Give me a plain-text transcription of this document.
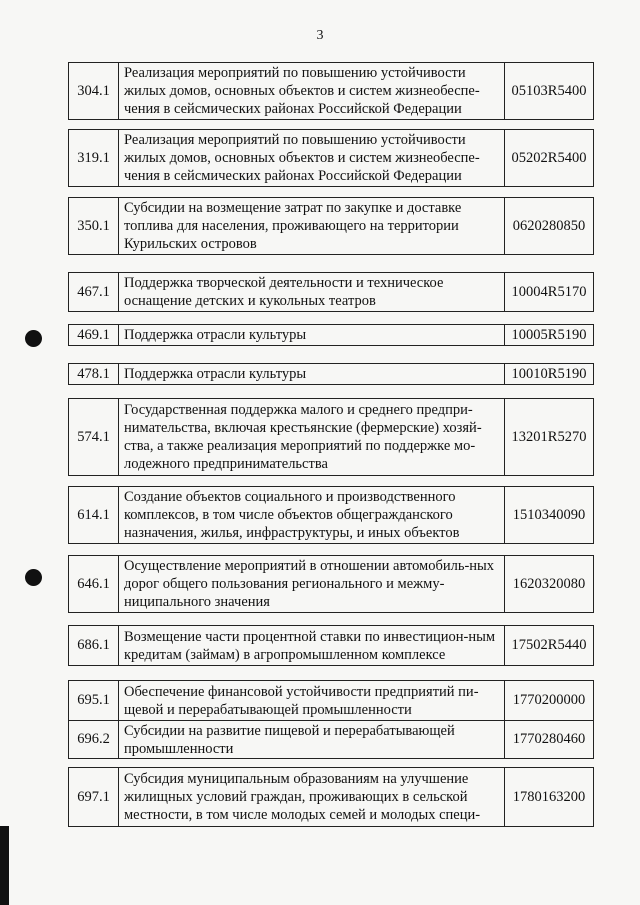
3
304.1
Реализация мероприятий по повышению устойчивости жилых домов, основных объектов и систем жизнеобеспе-чения в сейсмических районах Российской Федерации
05103R5400
319.1
Реализация мероприятий по повышению устойчивости жилых домов, основных объектов и систем жизнеобеспе-чения в сейсмических районах Российской Федерации
05202R5400
350.1
Субсидии на возмещение затрат по закупке и доставке топлива для населения, проживающего на территории Курильских островов
0620280850
467.1
Поддержка творческой деятельности и техническое оснащение детских и кукольных театров
10004R5170
469.1 Поддержка отрасли культуры	10005R5190
478.1 Поддержка отрасли культуры	10010R5190
574.1
Государственная поддержка малого и среднего предпри-нимательства, включая крестьянские (фермерские) хозяй-ства, а также реализация мероприятий по поддержке мо-лодежного предпринимательства
13201R5270
614.1
Создание объектов социального и производственного комплексов, в том числе объектов общегражданского назначения, жилья, инфраструктуры, и иных объектов
1510340090
646.1
Осуществление мероприятий в отношении автомобиль-ных дорог общего пользования регионального и межму-ниципального значения
1620320080
686.1
Возмещение части процентной ставки по инвестицион-ным кредитам (займам) в агропромышленном комплексе
17502R5440
695.1
Обеспечение финансовой устойчивости предприятий пи-щевой и перерабатывающей промышленности
1770200000
696.2
Субсидии на развитие пищевой и перерабатывающей промышленности
1770280460
697.1
Субсидия муниципальным образованиям на улучшение жилищных условий граждан, проживающих в сельской местности, в том числе молодых семей и молодых специ-
1780163200
